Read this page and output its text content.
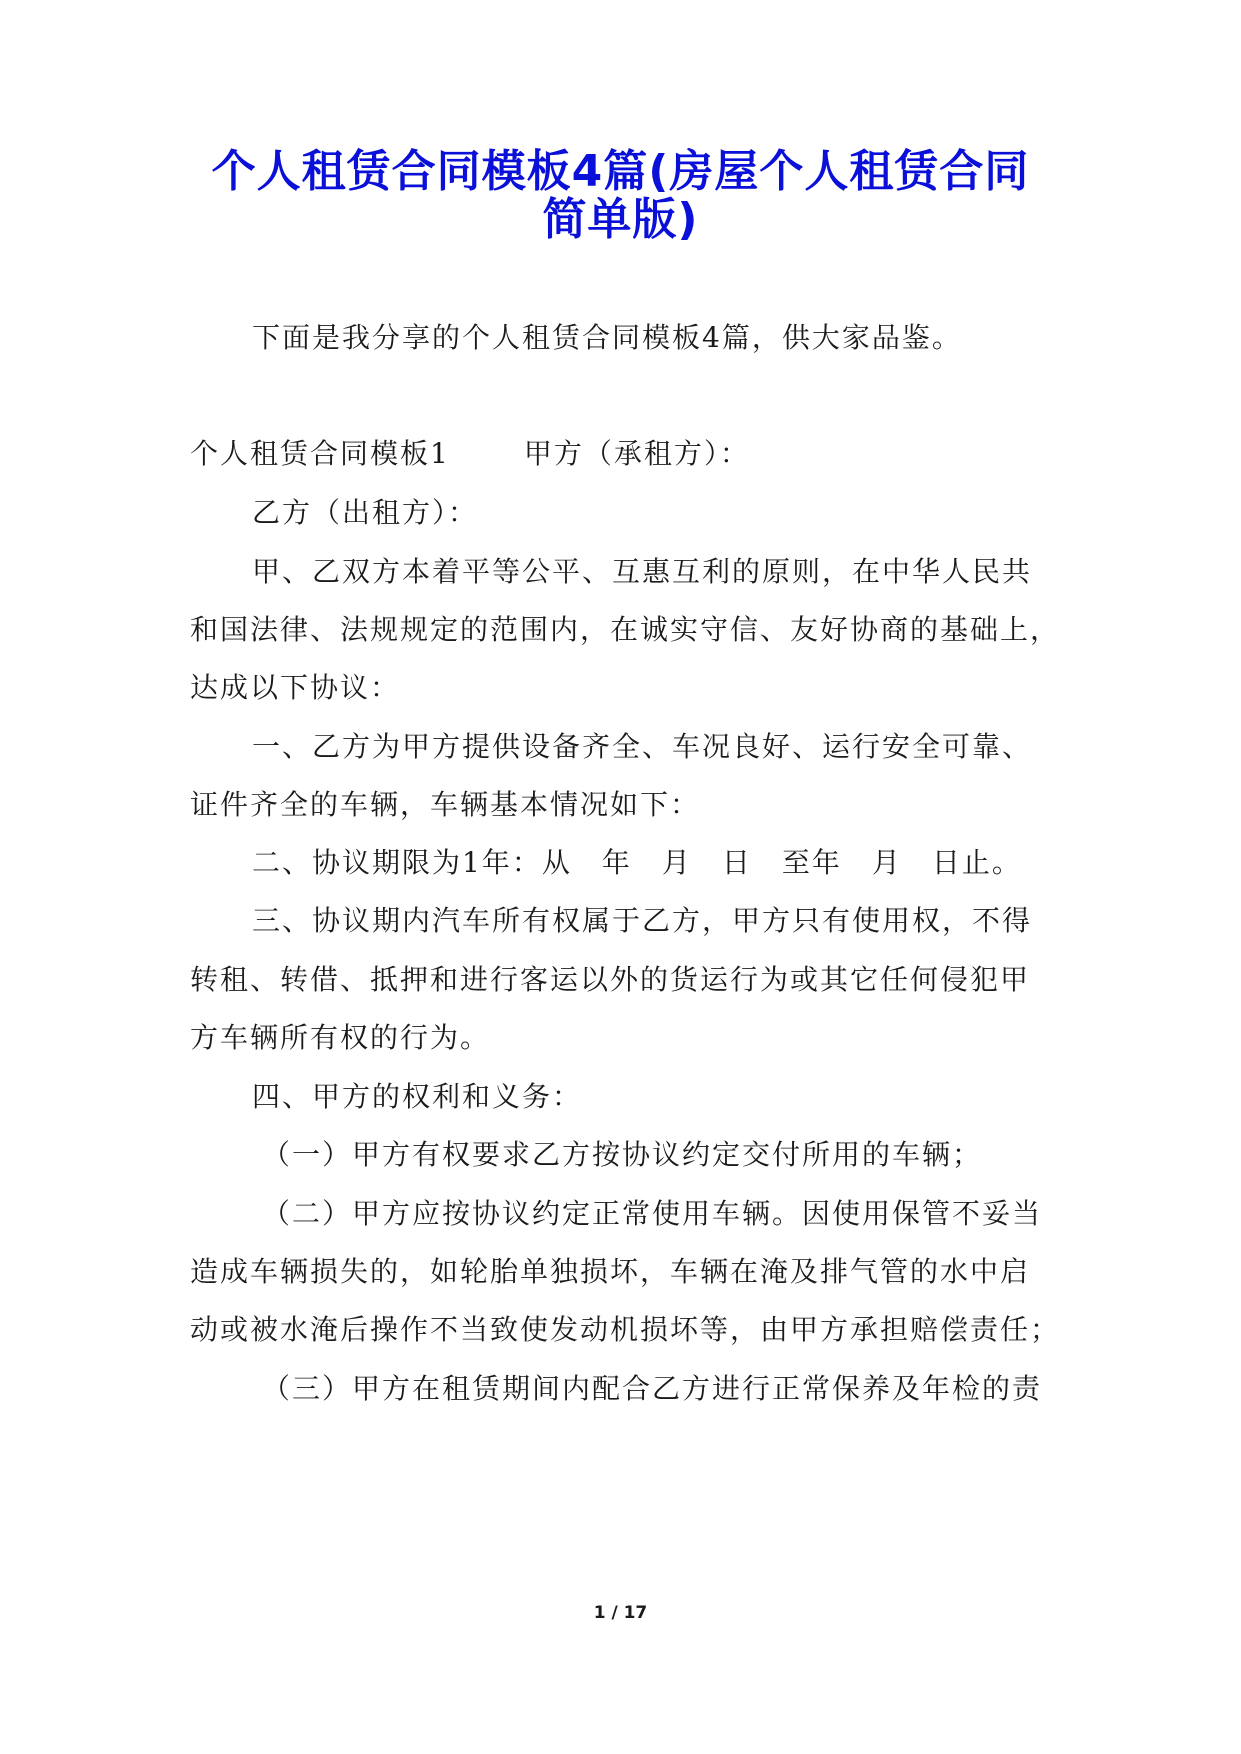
个人租赁合同模板4篇(房屋个人租赁合同
简单版)

下面是我分享的个人租赁合同模板4篇，供大家品鉴。

个人租赁合同模板1	甲方（承租方）：

乙方（出租方）：

甲、乙双方本着平等公平、互惠互利的原则，在中华人民共

和国法律、法规规定的范围内，在诚实守信、友好协商的基础上，

达成以下协议：

一、乙方为甲方提供设备齐全、车况良好、运行安全可靠、

证件齐全的车辆，车辆基本情况如下：

二、协议期限为1年：从　年　月　日　至年　月　日止。

三、协议期内汽车所有权属于乙方，甲方只有使用权，不得

转租、转借、抵押和进行客运以外的货运行为或其它任何侵犯甲

方车辆所有权的行为。

四、甲方的权利和义务：

（一）甲方有权要求乙方按协议约定交付所用的车辆；

（二）甲方应按协议约定正常使用车辆。因使用保管不妥当

造成车辆损失的，如轮胎单独损坏，车辆在淹及排气管的水中启

动或被水淹后操作不当致使发动机损坏等，由甲方承担赔偿责任；

（三）甲方在租赁期间内配合乙方进行正常保养及年检的责

1 / 17
